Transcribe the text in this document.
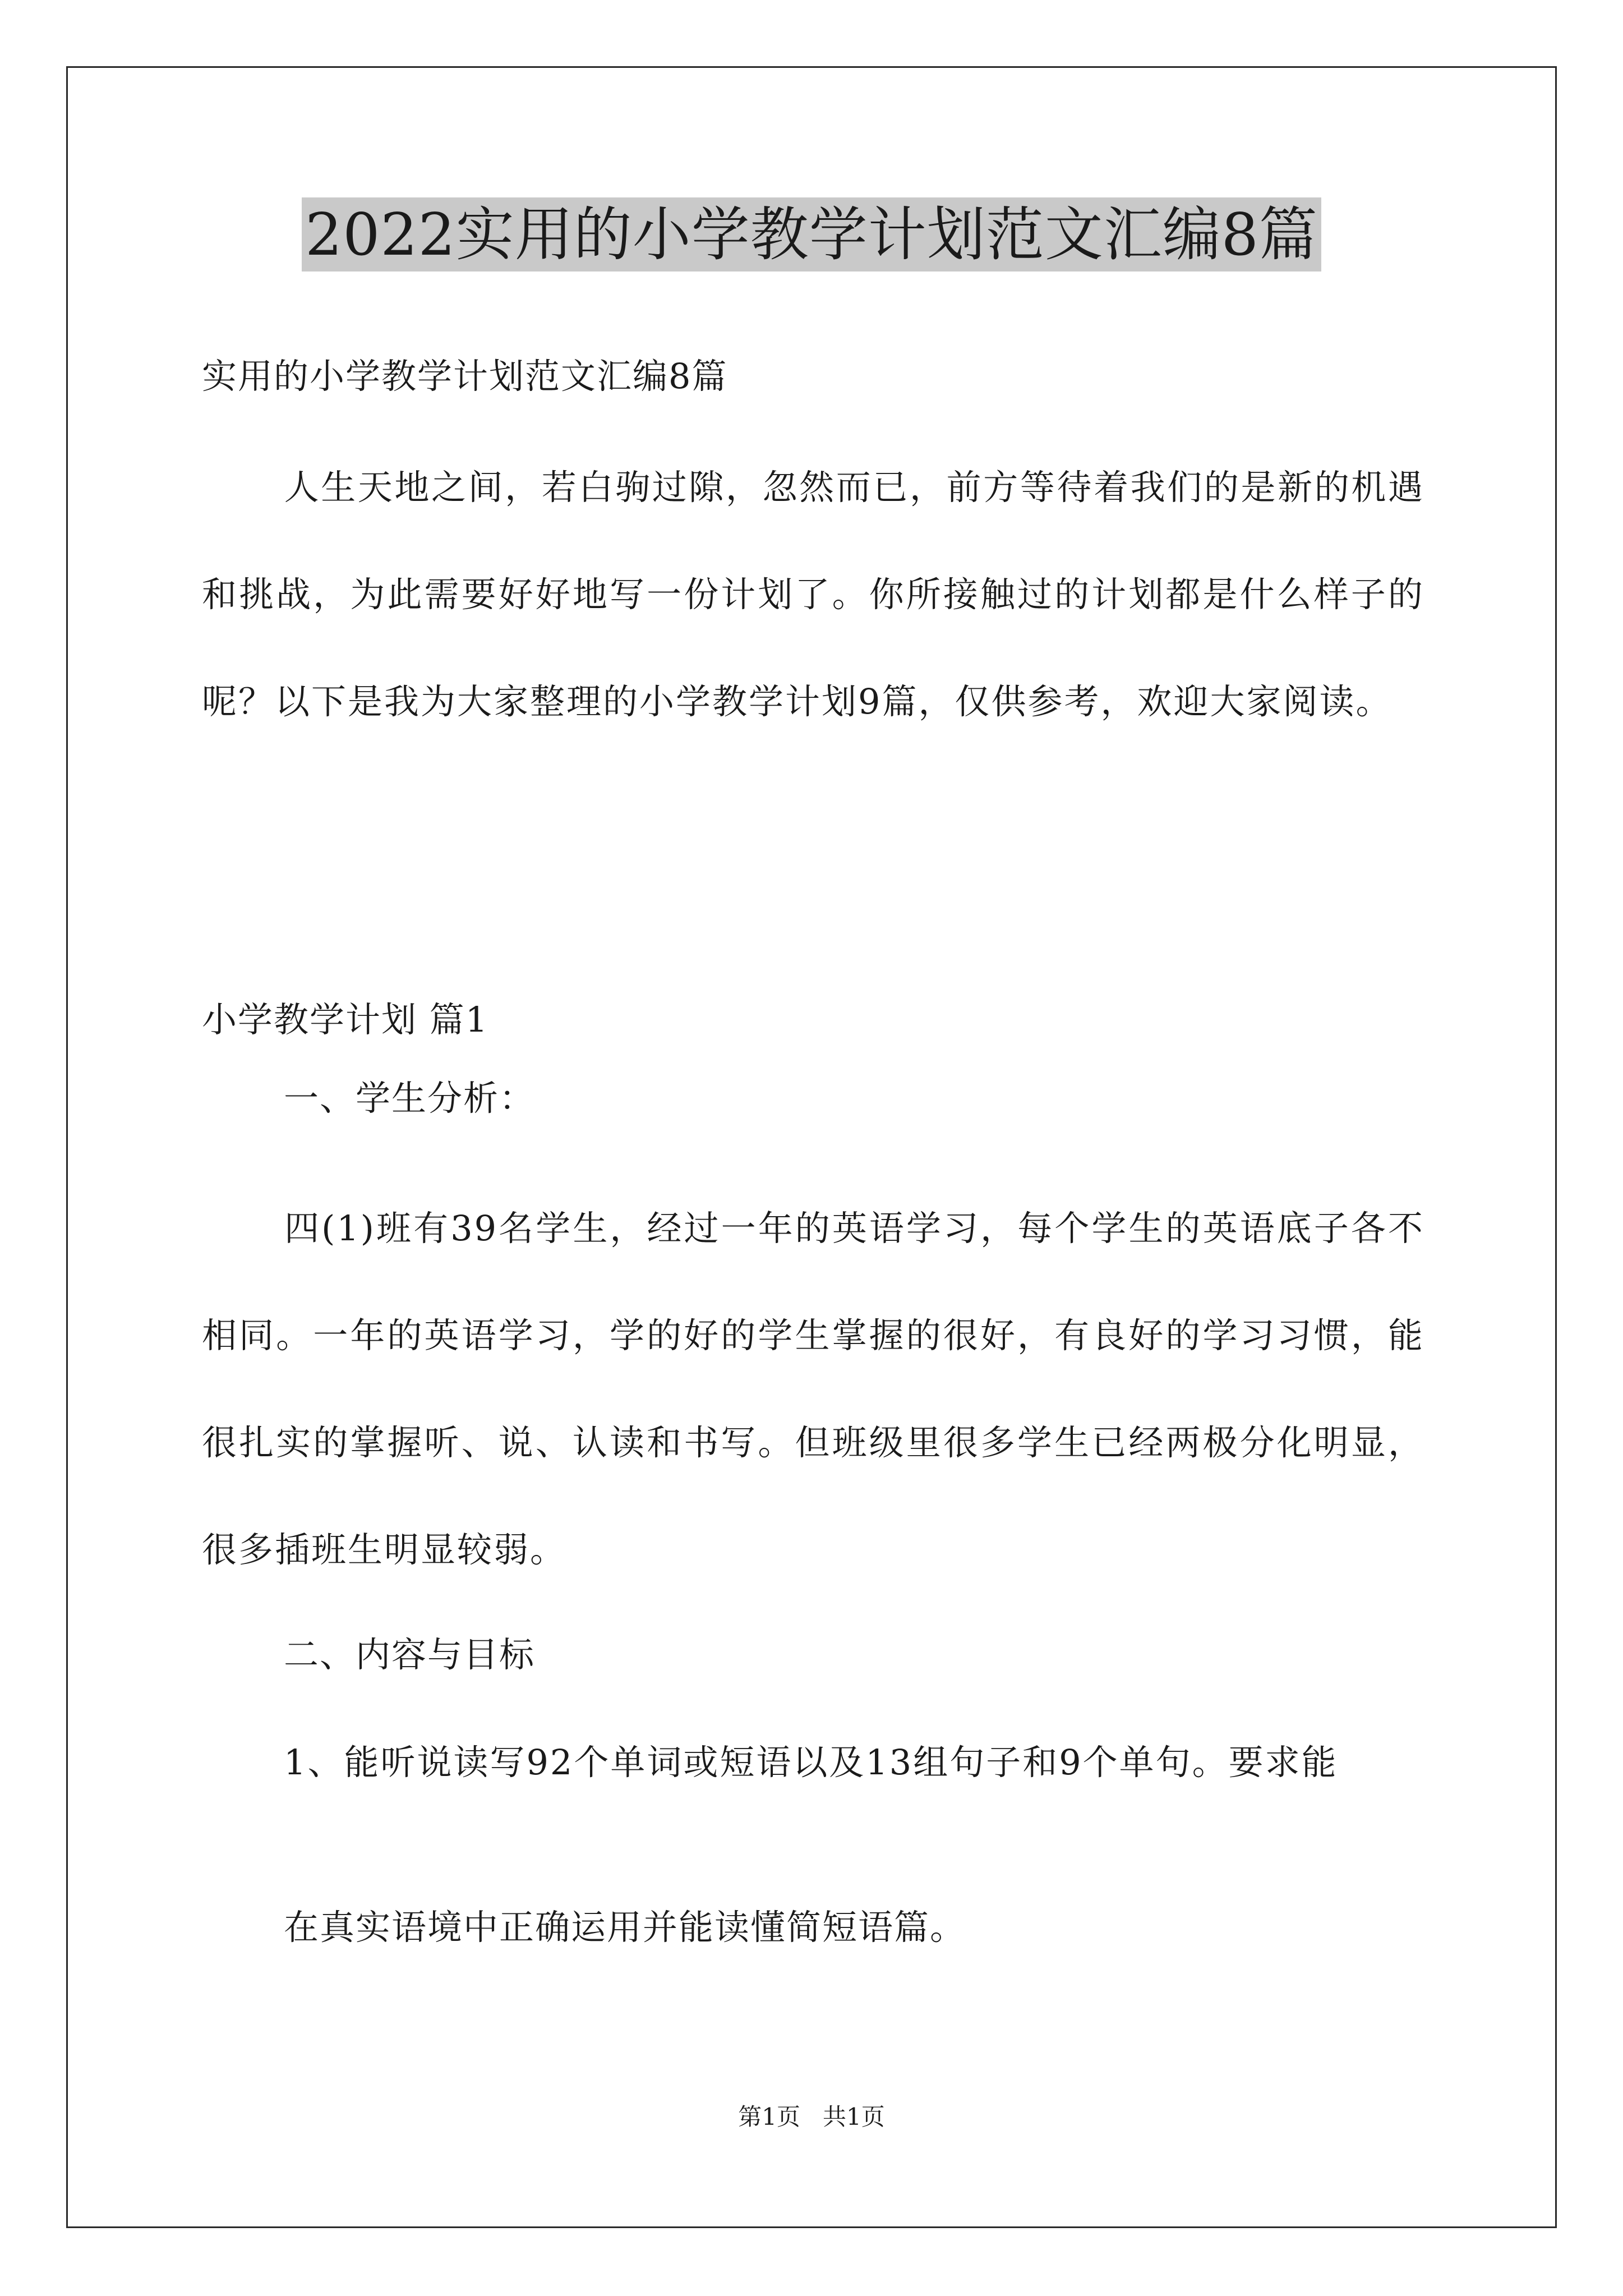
2022实用的小学教学计划范文汇编8篇
实用的小学教学计划范文汇编8篇
人生天地之间，若白驹过隙，忽然而已，前方等待着我们的是新的机遇和挑战，为此需要好好地写一份计划了。你所接触过的计划都是什么样子的呢？以下是我为大家整理的小学教学计划9篇，仅供参考，欢迎大家阅读。
小学教学计划 篇1
一、学生分析：
四(1)班有39名学生，经过一年的英语学习，每个学生的英语底子各不相同。一年的英语学习，学的好的学生掌握的很好，有良好的学习习惯，能很扎实的掌握听、说、认读和书写。但班级里很多学生已经两极分化明显，很多插班生明显较弱。
二、内容与目标
1、能听说读写92个单词或短语以及13组句子和9个单句。要求能
在真实语境中正确运用并能读懂简短语篇。
第1页 共1页
